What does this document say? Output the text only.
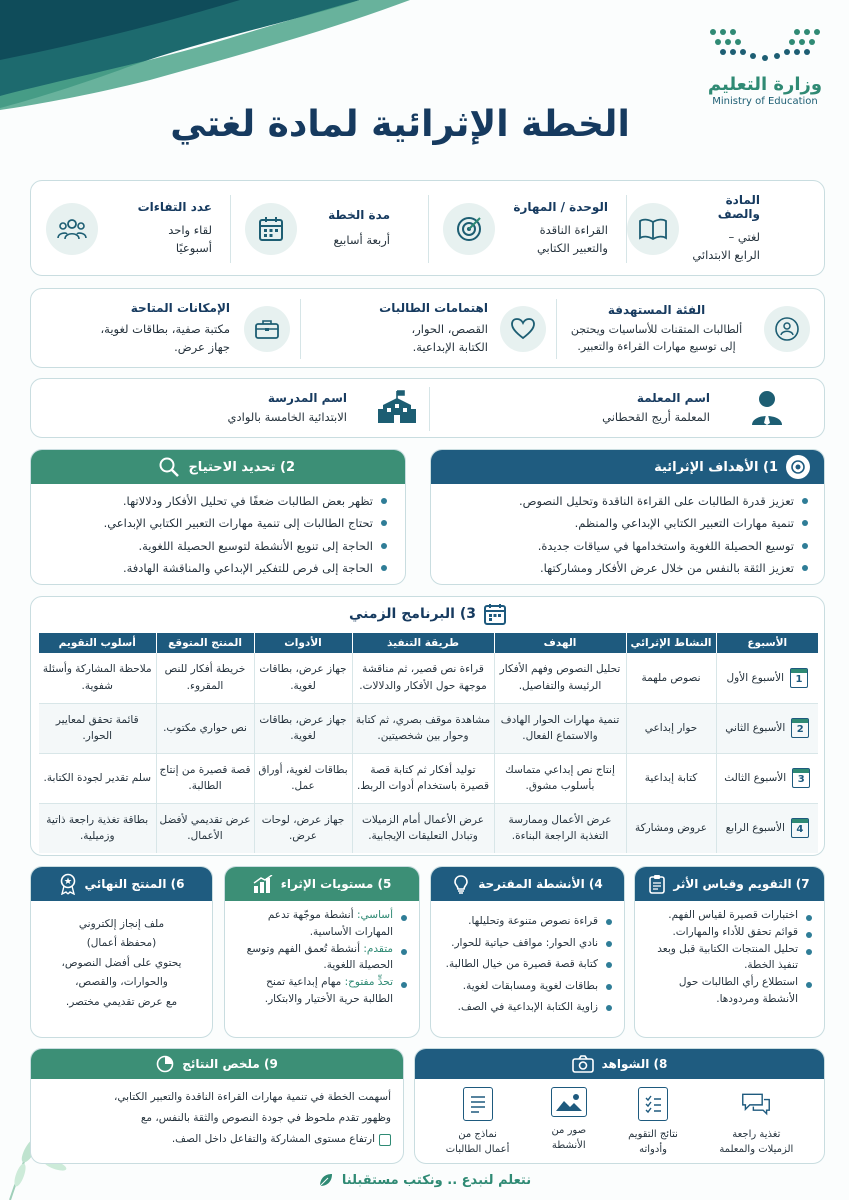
وزارة التعليم
Ministry of Education
الخطة الإثرائية لمادة لغتي
المادة والصف
لغتي –
الرابع الابتدائي
الوحدة / المهارة
القراءة الناقدة
والتعبير الكتابي
مدة الخطة
أربعة أسابيع
عدد التفاءات
لقاء واحد
أسبوعيًا
الفئة المستهدفة
ألطالبات المتقنات للأساسيات ويحتجن
إلى توسيع مهارات القراءة والتعبير.
اهتمامات الطالبات
القصص، الحوار،
الكتابة الإبداعية.
الإمكانات المتاحة
مكتبة صفية، بطاقات لغوية،
جهاز عرض.
اسم المعلمة
المعلمة أريج القحطاني
اسم المدرسة
الابتدائية الخامسة بالوادي
1) الأهداف الإثرائية
تعزيز قدرة الطالبات على القراءة الناقدة وتحليل النصوص.
تنمية مهارات التعبير الكتابي الإبداعي والمنظم.
توسيع الحصيلة اللغوية واستخدامها في سياقات جديدة.
تعزيز الثقة بالنفس من خلال عرض الأفكار ومشاركتها.
2) تحديد الاحتياج
تظهر بعض الطالبات ضعفًا في تحليل الأفكار ودلالاتها.
تحتاج الطالبات إلى تنمية مهارات التعبير الكتابي الإبداعي.
الحاجة إلى تنويع الأنشطة لتوسيع الحصيلة اللغوية.
الحاجة إلى فرص للتفكير الإبداعي والمناقشة الهادفة.
3) البرنامج الزمني
الأسبوع	النشاط الإثرائي	الهدف	طريقة التنفيذ	الأدوات	المنتج المتوقع	أسلوب التقويم

1
الأسبوع الأول	نصوص ملهمة	تحليل النصوص وفهم الأفكار الرئيسة والتفاصيل.	قراءة نص قصير، ثم مناقشة موجهة حول الأفكار والدلالات.	جهاز عرض، بطاقات لغوية.	خريطة أفكار للنص المقروء.	ملاحظة المشاركة وأسئلة شفوية.

2
الأسبوع الثاني	حوار إبداعي	تنمية مهارات الحوار الهادف والاستماع الفعال.	مشاهدة موقف بصري، ثم كتابة وحوار بين شخصيتين.	جهاز عرض، بطاقات لغوية.	نص حواري مكتوب.	قائمة تحقق لمعايير الحوار.

3
الأسبوع الثالث	كتابة إبداعية	إنتاج نص إبداعي متماسك بأسلوب مشوق.	توليد أفكار ثم كتابة قصة قصيرة باستخدام أدوات الربط.	بطاقات لغوية، أوراق عمل.	قصة قصيرة من إنتاج الطالبة.	سلم تقدير لجودة الكتابة.

4
الأسبوع الرابع	عروض ومشاركة	عرض الأعمال وممارسة التغذية الراجعة البناءة.	عرض الأعمال أمام الزميلات وتبادل التعليقات الإيجابية.	جهاز عرض، لوحات عرض.	عرض تقديمي لأفضل الأعمال.	بطاقة تغذية راجعة ذاتية وزميلية.
7) التقويم وقياس الأثر
اختبارات قصيرة لقياس الفهم.
قوائم تحقق للأداء والمهارات.
تحليل المنتجات الكتابية قبل وبعد تنفيذ الخطة.
استطلاع رأي الطالبات حول الأنشطة ومردودها.
4) الأنشطة المقترحة
قراءة نصوص متنوعة وتحليلها.
نادي الحوار: مواقف حياتية للحوار.
كتابة قصة قصيرة من خيال الطالبة.
بطاقات لغوية ومسابقات لغوية.
زاوية الكتابة الإبداعية في الصف.
5) مستويات الإثراء
أساسي: أنشطة موجّهة تدعم المهارات الأساسية.
متقدم: أنشطة تُعمق الفهم وتوسع الحصيلة اللغوية.
تحدٍّ مفتوح: مهام إبداعية تمنح الطالبة حرية الأختيار والابتكار.
6) المنتج النهائي
ملف إنجاز إلكتروني
(محفظة أعمال)
يحتوي على أفضل النصوص،
والحوارات، والقصص،
مع عرض تقديمي مختصر.
8) الشواهد
تغذية راجعة
الزميلات والمعلمة
نتائج التقويم
وأدواته
صور من
الأنشطة
نماذج من
أعمال الطالبات
9) ملخص النتائج
أسهمت الخطة في تنمية مهارات القراءة الناقدة والتعبير الكتابي،
وظهور تقدم ملحوظ في جودة النصوص والثقة بالنفس، مع
ارتفاع مستوى المشاركة والتفاعل داخل الصف.
نتعلم لنبدع .. ونكتب مستقبلنا
